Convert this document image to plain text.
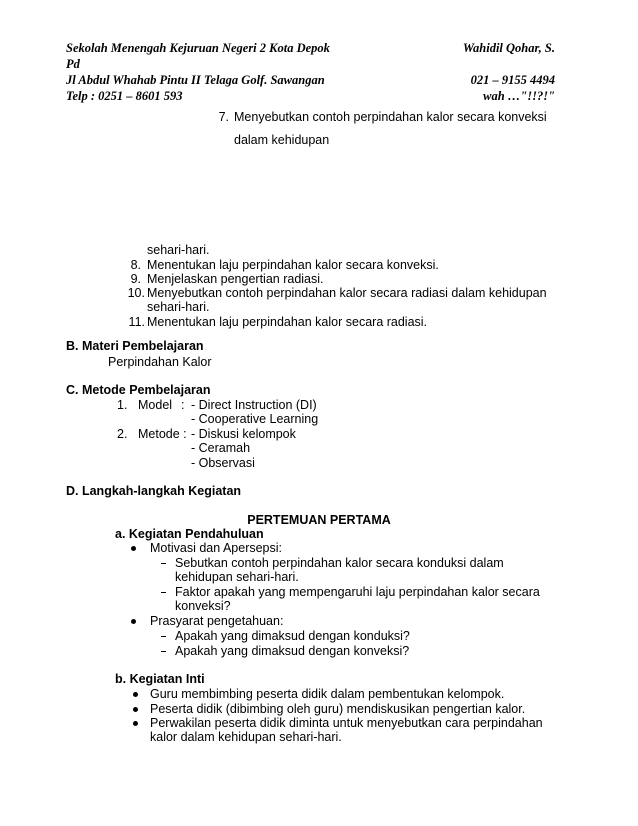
Sekolah Menengah Kejuruan Negeri 2 Kota Depok	Wahidil Qohar, S.
Pd
Jl Abdul Whahab Pintu II Telaga Golf. Sawangan	021 – 9155 4494
Telp : 0251 – 8601 593	wah …"!!?!"
7. Menyebutkan contoh perpindahan kalor secara konveksi
dalam kehidupan
sehari-hari.
8. Menentukan laju perpindahan kalor secara konveksi.
9. Menjelaskan pengertian radiasi.
10. Menyebutkan contoh perpindahan kalor secara radiasi dalam kehidupan
sehari-hari.
11. Menentukan laju perpindahan kalor secara radiasi.
B. Materi Pembelajaran
Perpindahan Kalor
C. Metode Pembelajaran
1. Model : - Direct Instruction (DI)
- Cooperative Learning
2. Metode : - Diskusi kelompok
- Ceramah
- Observasi
D. Langkah-langkah Kegiatan
PERTEMUAN PERTAMA
a. Kegiatan Pendahuluan
Motivasi dan Apersepsi:
Sebutkan contoh perpindahan kalor secara konduksi dalam
kehidupan sehari-hari.
Faktor apakah yang mempengaruhi laju perpindahan kalor secara
konveksi?
Prasyarat pengetahuan:
Apakah yang dimaksud dengan konduksi?
Apakah yang dimaksud dengan konveksi?
b. Kegiatan Inti
Guru membimbing peserta didik dalam pembentukan kelompok.
Peserta didik (dibimbing oleh guru) mendiskusikan pengertian kalor.
Perwakilan peserta didik diminta untuk menyebutkan cara perpindahan
kalor dalam kehidupan sehari-hari.
